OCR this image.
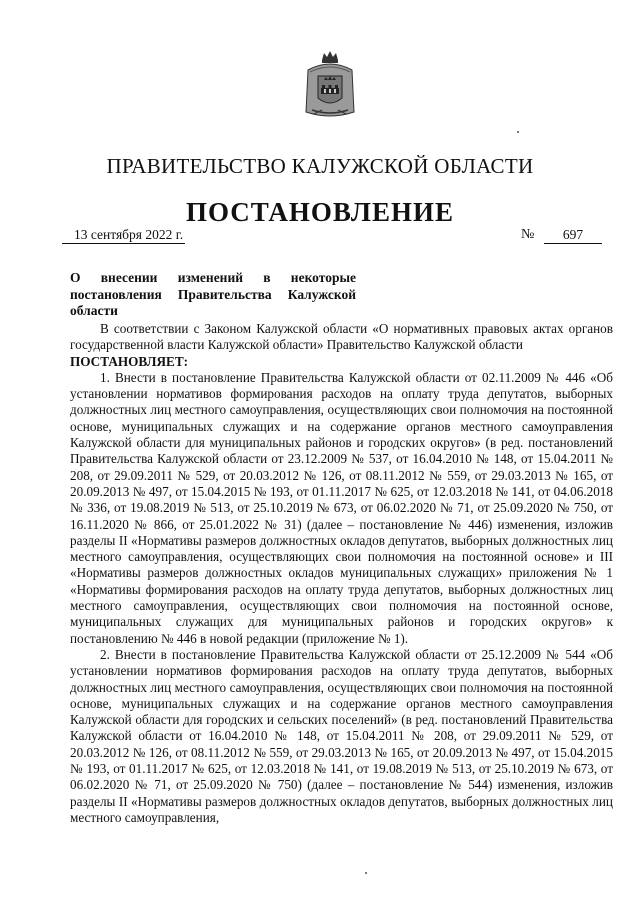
ПРАВИТЕЛЬСТВО КАЛУЖСКОЙ ОБЛАСТИ
ПОСТАНОВЛЕНИЕ
13 сентября 2022 г.	№	697
О внесении изменений в некоторые
постановления Правительства Калужской

области

В соответствии с Законом Калужской области «О нормативных правовых актах органов государственной власти Калужской области» Правительство Калужской области

ПОСТАНОВЛЯЕТ:

1. Внести в постановление Правительства Калужской области от 02.11.2009 № 446 «Об установлении нормативов формирования расходов на оплату труда депутатов, выборных должностных лиц местного самоуправления, осуществляющих свои полномочия на постоянной основе, муниципальных служащих и на содержание органов местного самоуправления Калужской области для муниципальных районов и городских округов» (в ред. постановлений Правительства Калужской области от 23.12.2009 № 537, от 16.04.2010 № 148, от 15.04.2011 № 208, от 29.09.2011 № 529, от 20.03.2012 № 126, от 08.11.2012 № 559, от 29.03.2013 № 165, от 20.09.2013 № 497, от 15.04.2015 № 193, от 01.11.2017 № 625, от 12.03.2018 № 141, от 04.06.2018 № 336, от 19.08.2019 № 513, от 25.10.2019 № 673, от 06.02.2020 № 71, от 25.09.2020 № 750, от 16.11.2020 № 866, от 25.01.2022 № 31) (далее – постановление № 446) изменения, изложив разделы II «Нормативы размеров должностных окладов депутатов, выборных должностных лиц местного самоуправления, осуществляющих свои полномочия на постоянной основе» и III «Нормативы размеров должностных окладов муниципальных служащих» приложения № 1 «Нормативы формирования расходов на оплату труда депутатов, выборных должностных лиц местного самоуправления, осуществляющих свои полномочия на постоянной основе, муниципальных служащих для муниципальных районов и городских округов» к постановлению № 446 в новой редакции (приложение № 1).

2. Внести в постановление Правительства Калужской области от 25.12.2009 № 544 «Об установлении нормативов формирования расходов на оплату труда депутатов, выборных должностных лиц местного самоуправления, осуществляющих свои полномочия на постоянной основе, муниципальных служащих и на содержание органов местного самоуправления Калужской области для городских и сельских поселений» (в ред. постановлений Правительства Калужской области от 16.04.2010 № 148, от 15.04.2011 № 208, от 29.09.2011 № 529, от 20.03.2012 № 126, от 08.11.2012 № 559, от 29.03.2013 № 165, от 20.09.2013 № 497, от 15.04.2015 № 193, от 01.11.2017 № 625, от 12.03.2018 № 141, от 19.08.2019 № 513, от 25.10.2019 № 673, от 06.02.2020 № 71, от 25.09.2020 № 750) (далее – постановление № 544) изменения, изложив разделы II «Нормативы размеров должностных окладов депутатов, выборных должностных лиц местного самоуправления,
